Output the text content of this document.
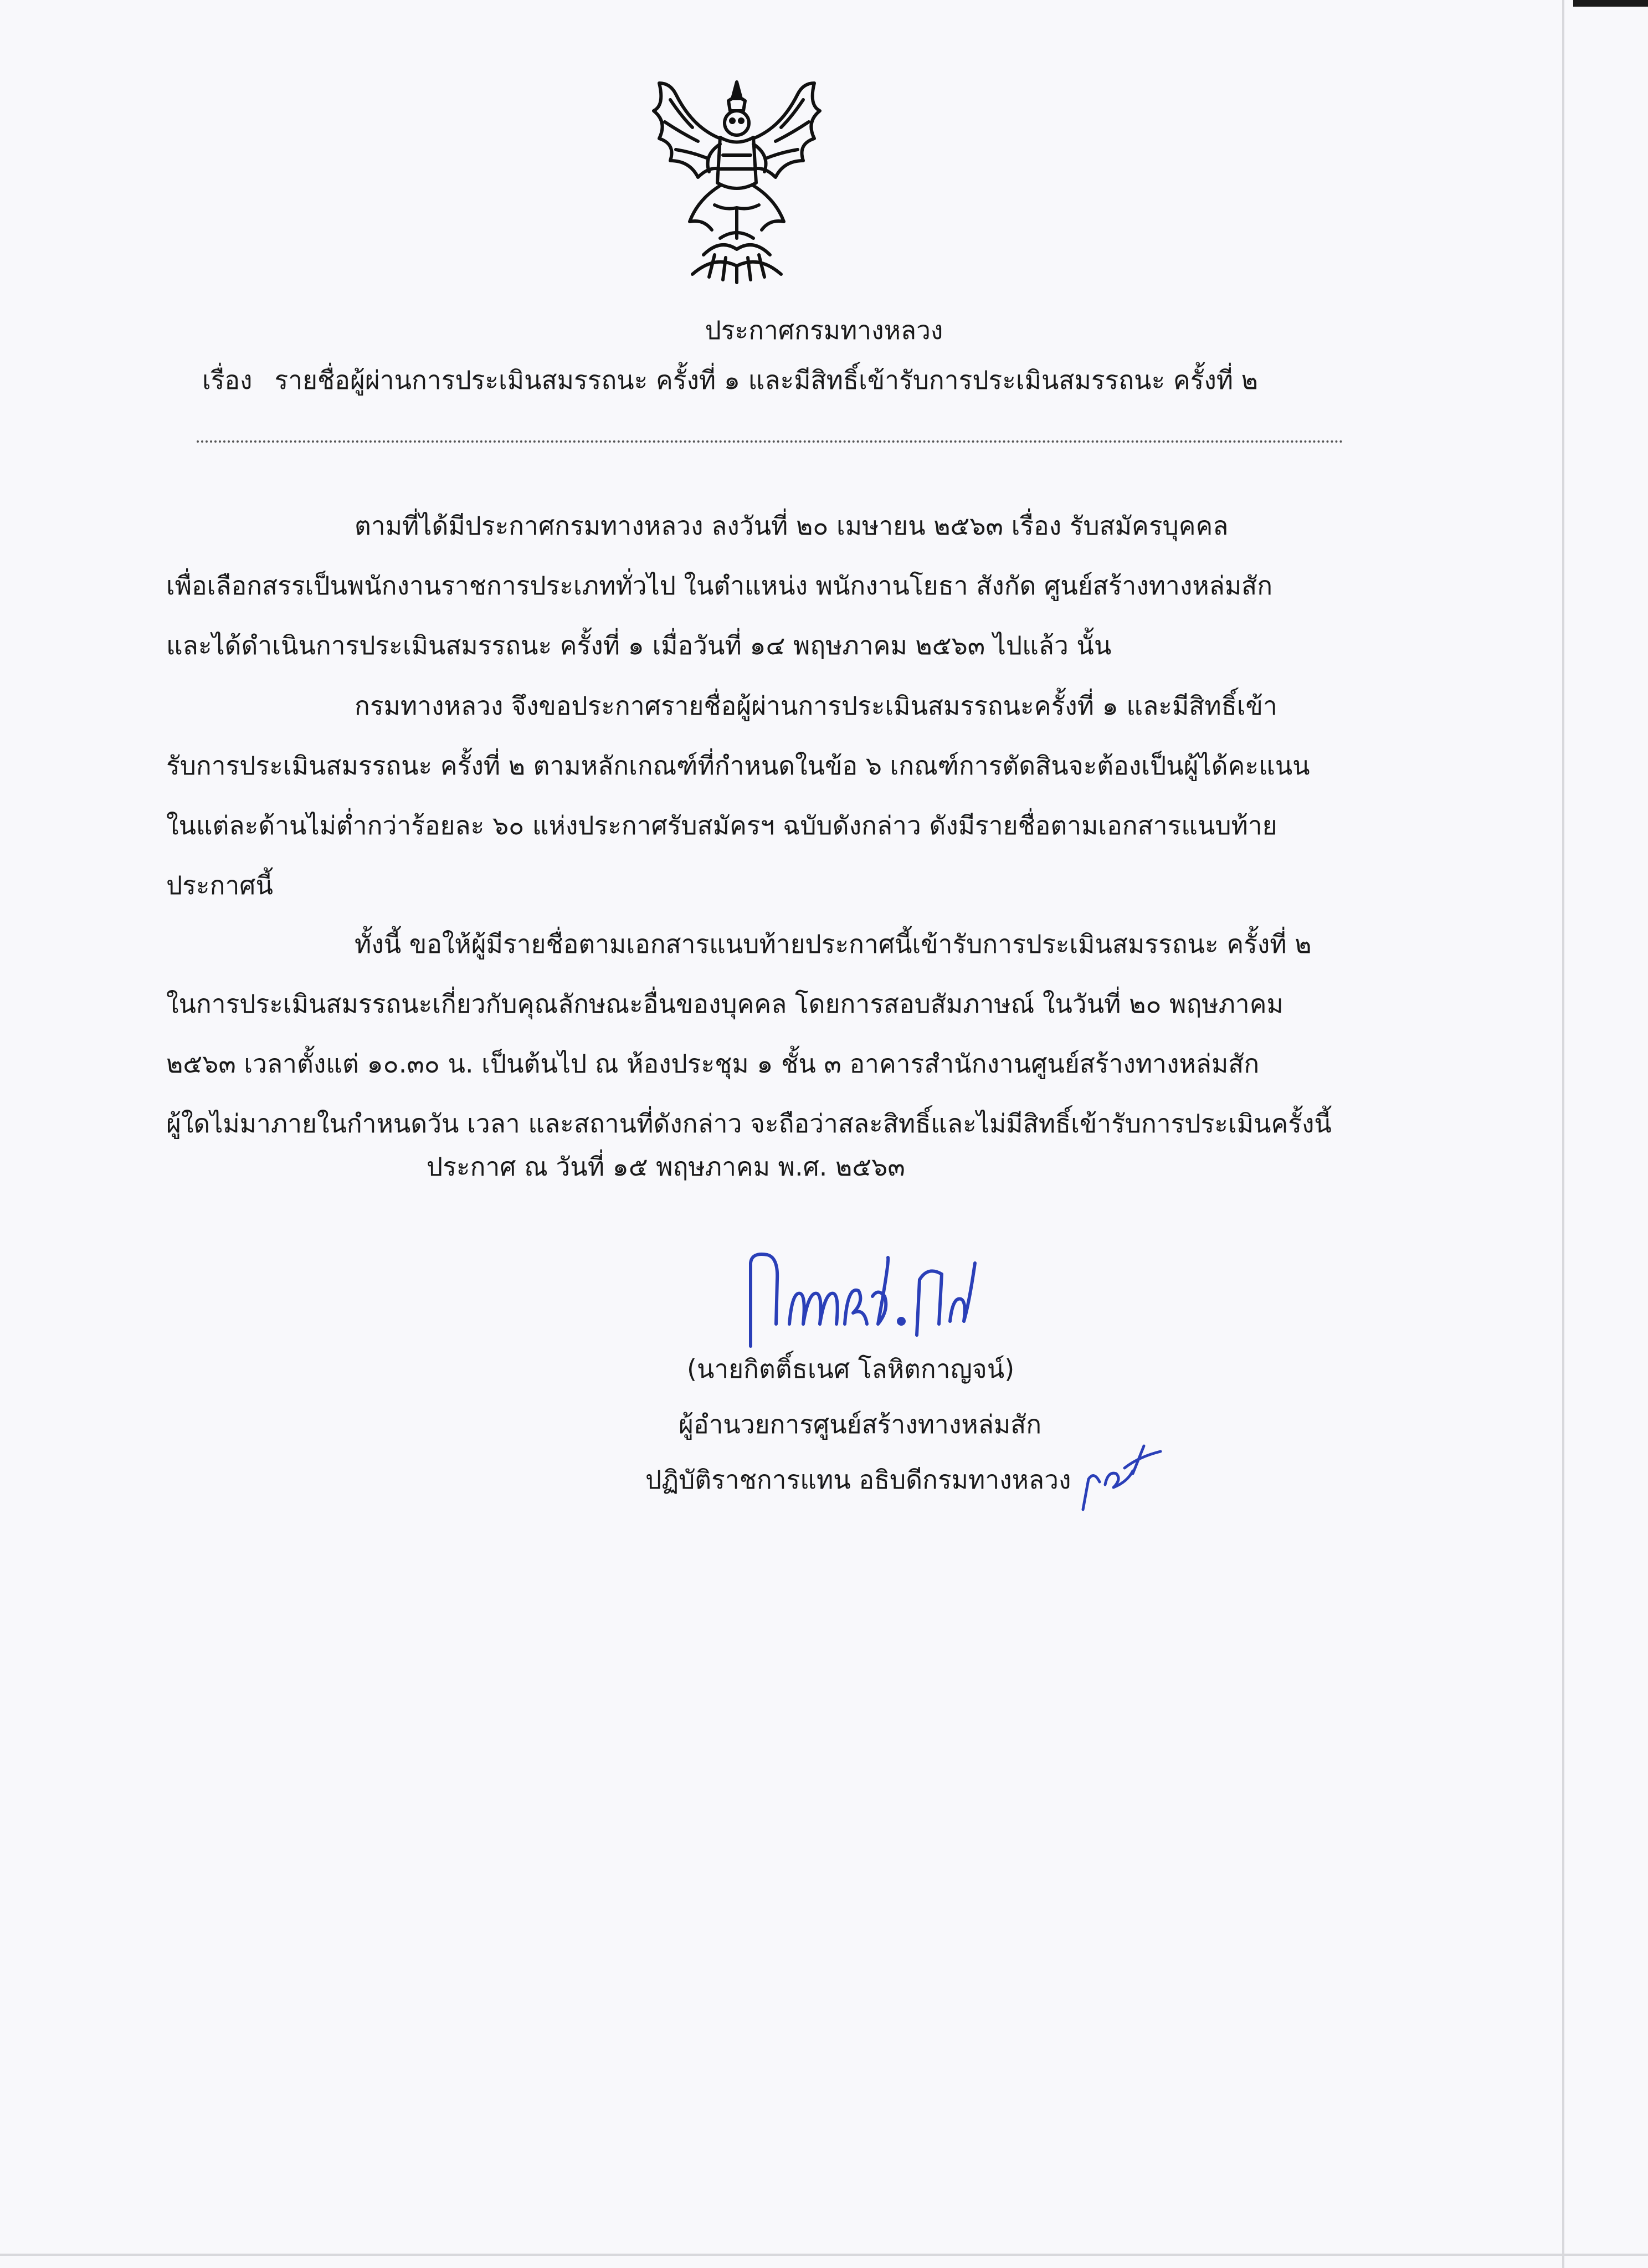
ประกาศกรมทางหลวง
เรื่อง รายชื่อผู้ผ่านการประเมินสมรรถนะ ครั้งที่ ๑ และมีสิทธิ์เข้ารับการประเมินสมรรถนะ ครั้งที่ ๒
ตามที่ได้มีประกาศกรมทางหลวง ลงวันที่ ๒๐ เมษายน ๒๕๖๓ เรื่อง รับสมัครบุคคล
เพื่อเลือกสรรเป็นพนักงานราชการประเภททั่วไป ในตำแหน่ง พนักงานโยธา สังกัด ศูนย์สร้างทางหล่มสัก
และได้ดำเนินการประเมินสมรรถนะ ครั้งที่ ๑ เมื่อวันที่ ๑๔ พฤษภาคม ๒๕๖๓ ไปแล้ว นั้น
กรมทางหลวง จึงขอประกาศรายชื่อผู้ผ่านการประเมินสมรรถนะครั้งที่ ๑ และมีสิทธิ์เข้า
รับการประเมินสมรรถนะ ครั้งที่ ๒ ตามหลักเกณฑ์ที่กำหนดในข้อ ๖ เกณฑ์การตัดสินจะต้องเป็นผู้ได้คะแนน
ในแต่ละด้านไม่ต่ำกว่าร้อยละ ๖๐ แห่งประกาศรับสมัครฯ ฉบับดังกล่าว ดังมีรายชื่อตามเอกสารแนบท้าย
ประกาศนี้
ทั้งนี้ ขอให้ผู้มีรายชื่อตามเอกสารแนบท้ายประกาศนี้เข้ารับการประเมินสมรรถนะ ครั้งที่ ๒
ในการประเมินสมรรถนะเกี่ยวกับคุณลักษณะอื่นของบุคคล โดยการสอบสัมภาษณ์ ในวันที่ ๒๐ พฤษภาคม
๒๕๖๓ เวลาตั้งแต่ ๑๐.๓๐ น. เป็นต้นไป ณ ห้องประชุม ๑ ชั้น ๓ อาคารสำนักงานศูนย์สร้างทางหล่มสัก
ผู้ใดไม่มาภายในกำหนดวัน เวลา และสถานที่ดังกล่าว จะถือว่าสละสิทธิ์และไม่มีสิทธิ์เข้ารับการประเมินครั้งนี้
ประกาศ ณ วันที่ ๑๕ พฤษภาคม พ.ศ. ๒๕๖๓
(นายกิตติ์ธเนศ โลหิตกาญจน์)
ผู้อำนวยการศูนย์สร้างทางหล่มสัก
ปฏิบัติราชการแทน อธิบดีกรมทางหลวง
